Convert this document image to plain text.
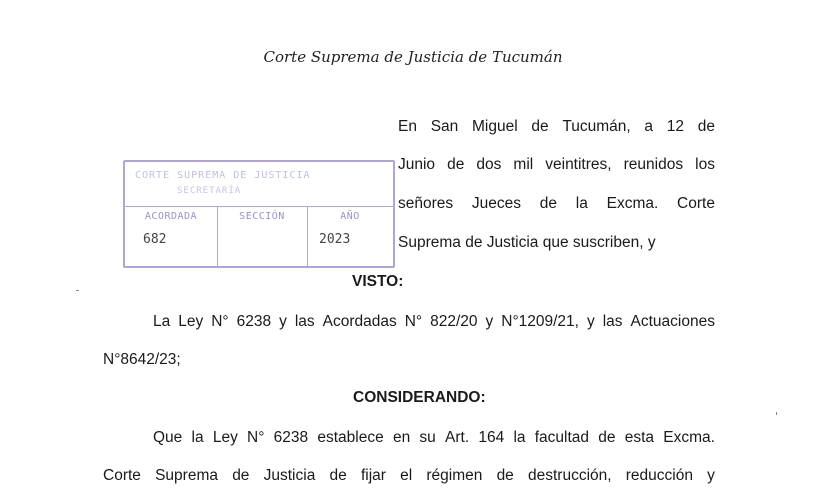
Corte Suprema de Justicia de Tucumán
CORTE SUPREMA DE JUSTICIA
SECRETARÍA
ACORDADA
682
SECCIÓN	AÑO
2023
En San Miguel de Tucumán, a 12 de
Junio de dos mil veintitres, reunidos los
señores Jueces de la Excma. Corte
Suprema de Justicia que suscriben, y
VISTO:
La Ley N° 6238 y las Acordadas N° 822/20 y N°1209/21, y las Actuaciones
N°8642/23;
CONSIDERANDO:
Que la Ley N° 6238 establece en su Art. 164 la facultad de esta Excma.
Corte Suprema de Justicia de fijar el régimen de destrucción, reducción y
